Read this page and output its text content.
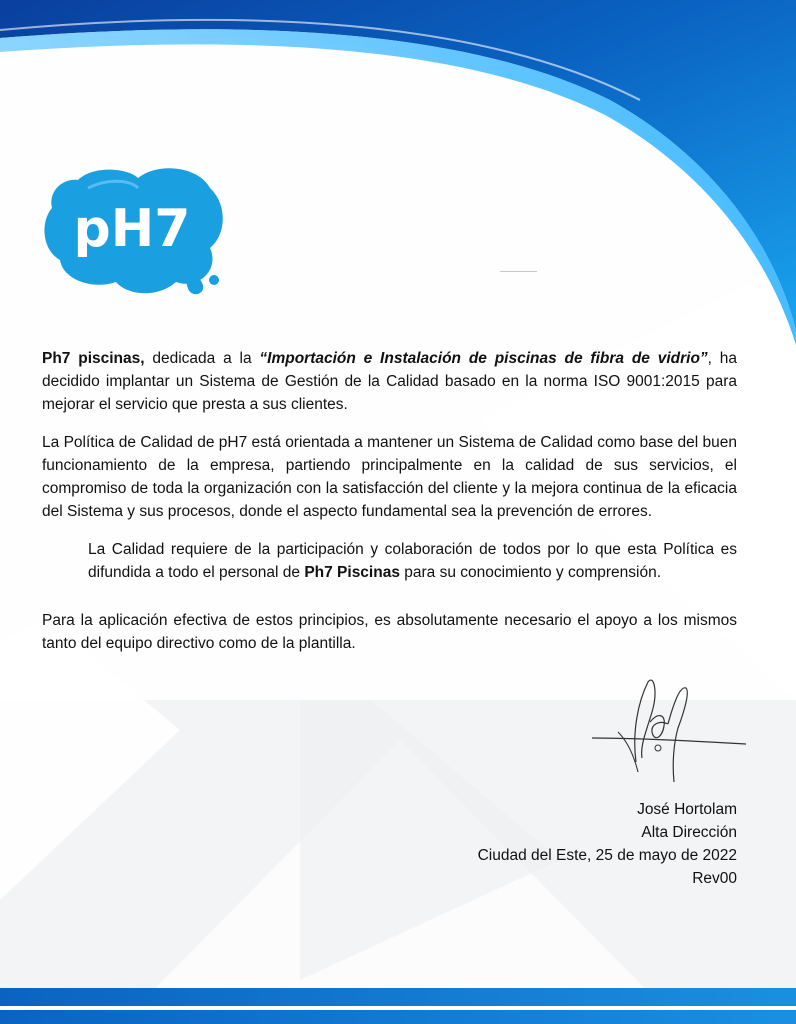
pH7

Ph7 piscinas, dedicada a la “Importación e Instalación de piscinas de fibra de vidrio”, ha decidido implantar un Sistema de Gestión de la Calidad basado en la norma ISO 9001:2015 para mejorar el servicio que presta a sus clientes.

La Política de Calidad de pH7 está orientada a mantener un Sistema de Calidad como base del buen funcionamiento de la empresa, partiendo principalmente en la calidad de sus servicios, el compromiso de toda la organización con la satisfacción del cliente y la mejora continua de la eficacia del Sistema y sus procesos, donde el aspecto fundamental sea la prevención de errores.

La Calidad requiere de la participación y colaboración de todos por lo que esta Política es difundida a todo el personal de Ph7 Piscinas para su conocimiento y comprensión.

Para la aplicación efectiva de estos principios, es absolutamente necesario el apoyo a los mismos tanto del equipo directivo como de la plantilla.

José Hortolam
Alta Dirección
Ciudad del Este, 25 de mayo de 2022
Rev00
